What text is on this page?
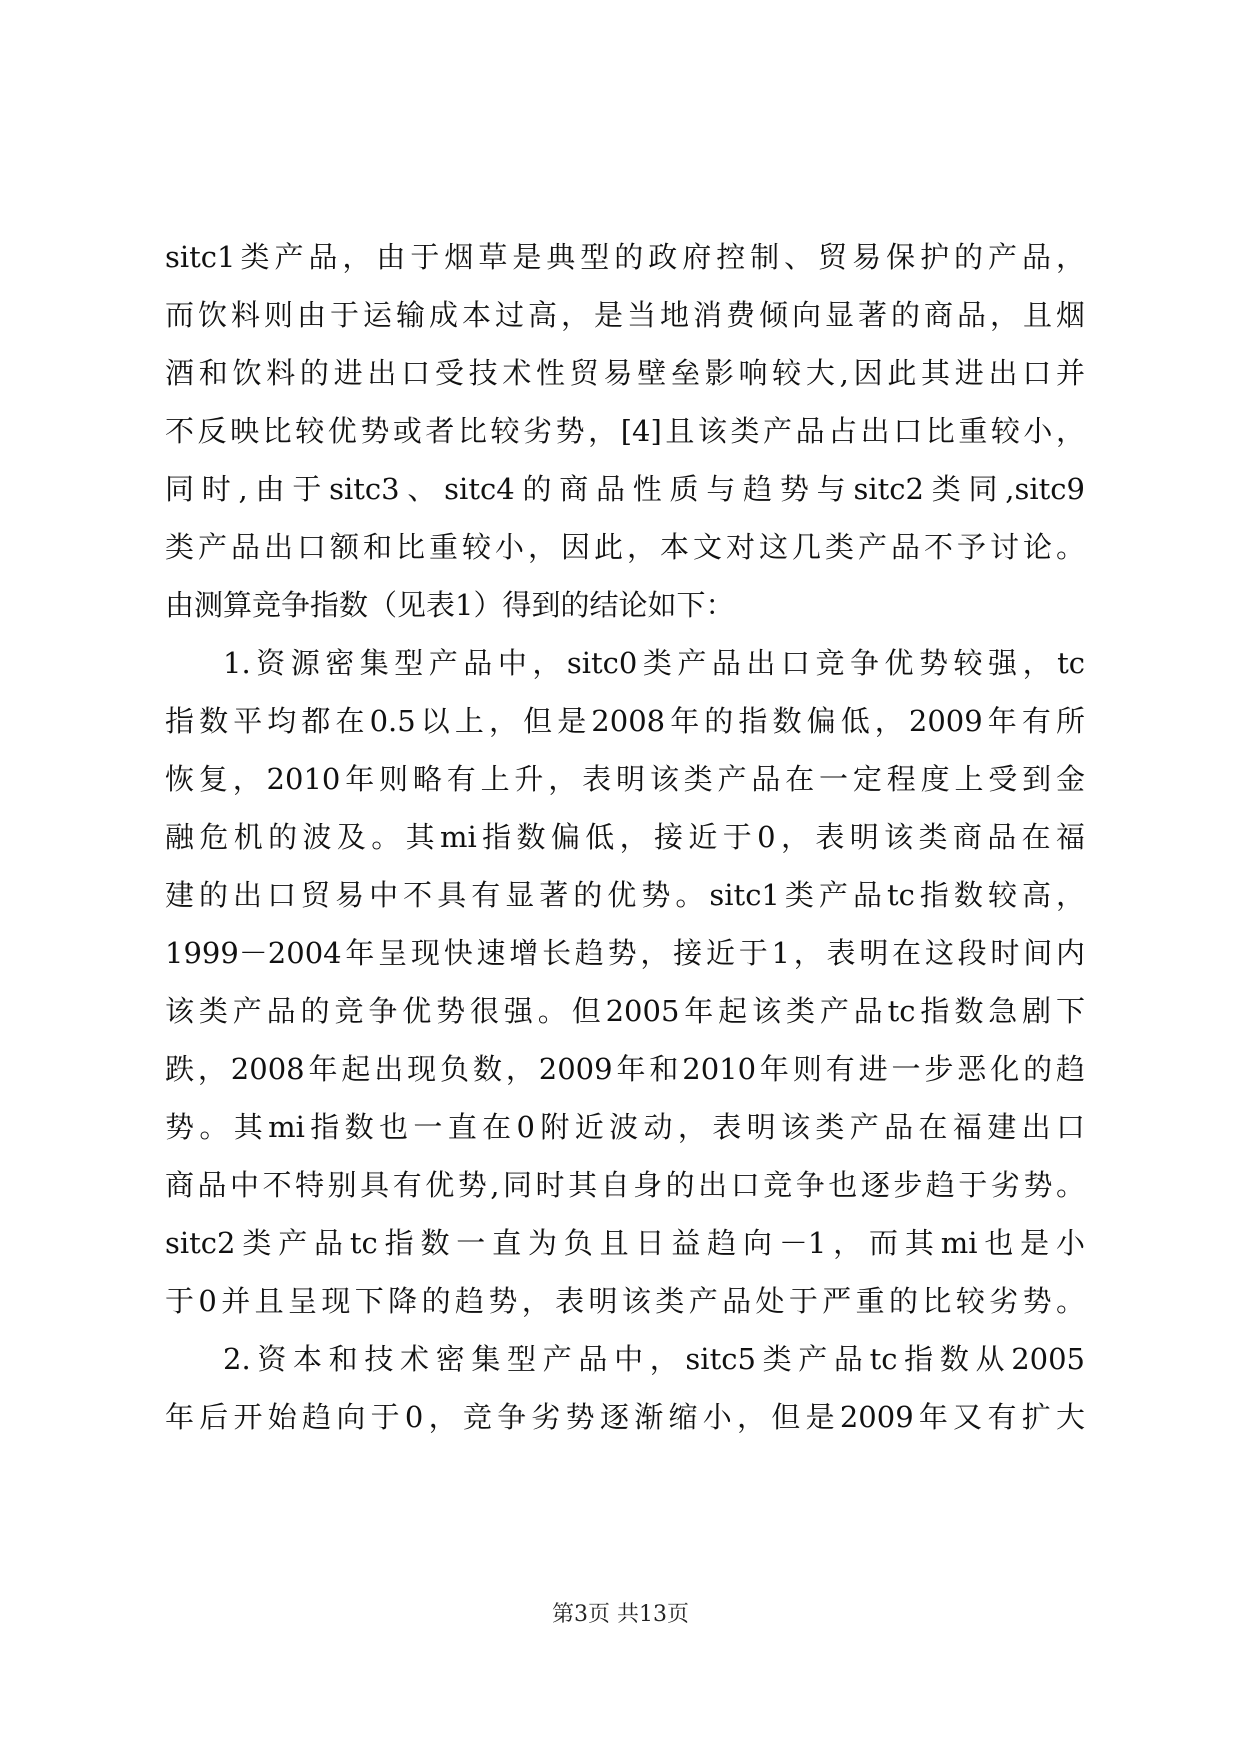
sitc1类产品，由于烟草是典型的政府控制、贸易保护的产品，
而饮料则由于运输成本过高，是当地消费倾向显著的商品，且烟
酒和饮料的进出口受技术性贸易壁垒影响较大,因此其进出口并
不反映比较优势或者比较劣势，[4]且该类产品占出口比重较小，
同时,由于sitc3、sitc4的商品性质与趋势与sitc2类同,sitc9
类产品出口额和比重较小，因此，本文对这几类产品不予讨论。
由测算竞争指数（见表1）得到的结论如下：
1.资源密集型产品中，sitc0类产品出口竞争优势较强，tc
指数平均都在0.5以上，但是2008年的指数偏低，2009年有所
恢复，2010年则略有上升，表明该类产品在一定程度上受到金
融危机的波及。其mi指数偏低，接近于0，表明该类商品在福
建的出口贸易中不具有显著的优势。sitc1类产品tc指数较高，
1999－2004年呈现快速增长趋势，接近于1，表明在这段时间内
该类产品的竞争优势很强。但2005年起该类产品tc指数急剧下
跌，2008年起出现负数，2009年和2010年则有进一步恶化的趋
势。其mi指数也一直在0附近波动，表明该类产品在福建出口
商品中不特别具有优势,同时其自身的出口竞争也逐步趋于劣势。
sitc2类产品tc指数一直为负且日益趋向－1，而其mi也是小
于0并且呈现下降的趋势，表明该类产品处于严重的比较劣势。
2.资本和技术密集型产品中，sitc5类产品tc指数从2005
年后开始趋向于0，竞争劣势逐渐缩小，但是2009年又有扩大
第3页 共13页
